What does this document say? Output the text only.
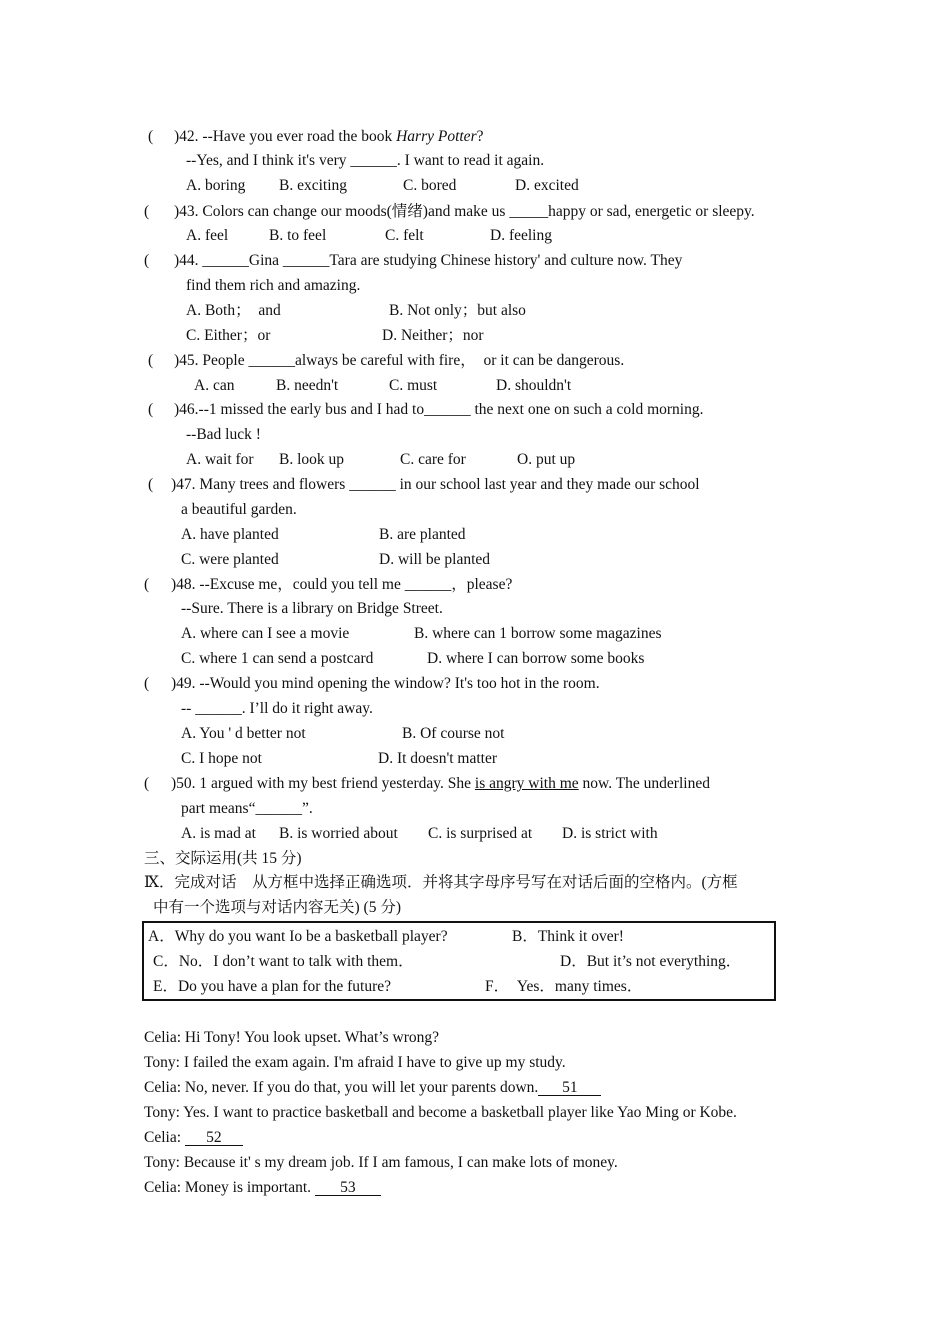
( )42. --Have you ever road the book Harry Potter?
--Yes, and I think it's very ______. I want to read it again.
A. boring B. exciting	C. bored	D. excited
( )43. Colors can change our moods(情绪)and make us _____happy or sad, energetic or sleepy.
A. feel	B. to feel	C. felt	D. feeling
( )44. ______Gina ______Tara are studying Chinese history' and culture now. They
find them rich and amazing.
A. Both；  and	B. Not only；but also
C. Either；or	D. Neither；nor
( )45. People ______always be careful with fire，  or it can be dangerous.
A. can	B. needn't	C. must	D. shouldn't
( )46.--1 missed the early bus and I had to______ the next one on such a cold morning.
--Bad luck !
A. wait for B. look up	C. care for	O. put up
( )47. Many trees and flowers ______ in our school last year and they made our school
a beautiful garden.
A. have planted	B. are planted
C. were planted	D. will be planted
( )48. --Excuse me，could you tell me ______，please?
--Sure. There is a library on Bridge Street.
A. where can I see a movie	B. where can 1 borrow some magazines
C. where 1 can send a postcard	D. where I can borrow some books
( )49. --Would you mind opening the window? It's too hot in the room.
-- ______. I’ll do it right away.
A. You ' d better not	B. Of course not
C. I hope not	D. It doesn't matter
( )50. 1 argued with my best friend yesterday. She is angry with me now. The underlined
part means“______”.
A. is mad at B. is worried about C. is surprised at D. is strict with
三、交际运用(共 15 分)
Ⅸ．完成对话　从方框中选择正确选项．并将其字母序号写在对话后面的空格内。(方框
中有一个选项与对话内容无关) (5 分)
A．Why do you want Io be a basketball player?	B．Think it over!
C．No．I don’t want to talk with them．	D．But it’s not everything．
E．Do you have a plan for the future?	F．　Yes．many times．
Celia: Hi Tony! You look upset. What’s wrong?
Tony: I failed the exam again. I'm afraid I have to give up my study.
Celia: No, never. If you do that, you will let your parents down. 51
Tony: Yes. I want to practice basketball and become a basketball player like Yao Ming or Kobe.
Celia: 52
Tony: Because it' s my dream job. If I am famous, I can make lots of money.
Celia: Money is important. 53
